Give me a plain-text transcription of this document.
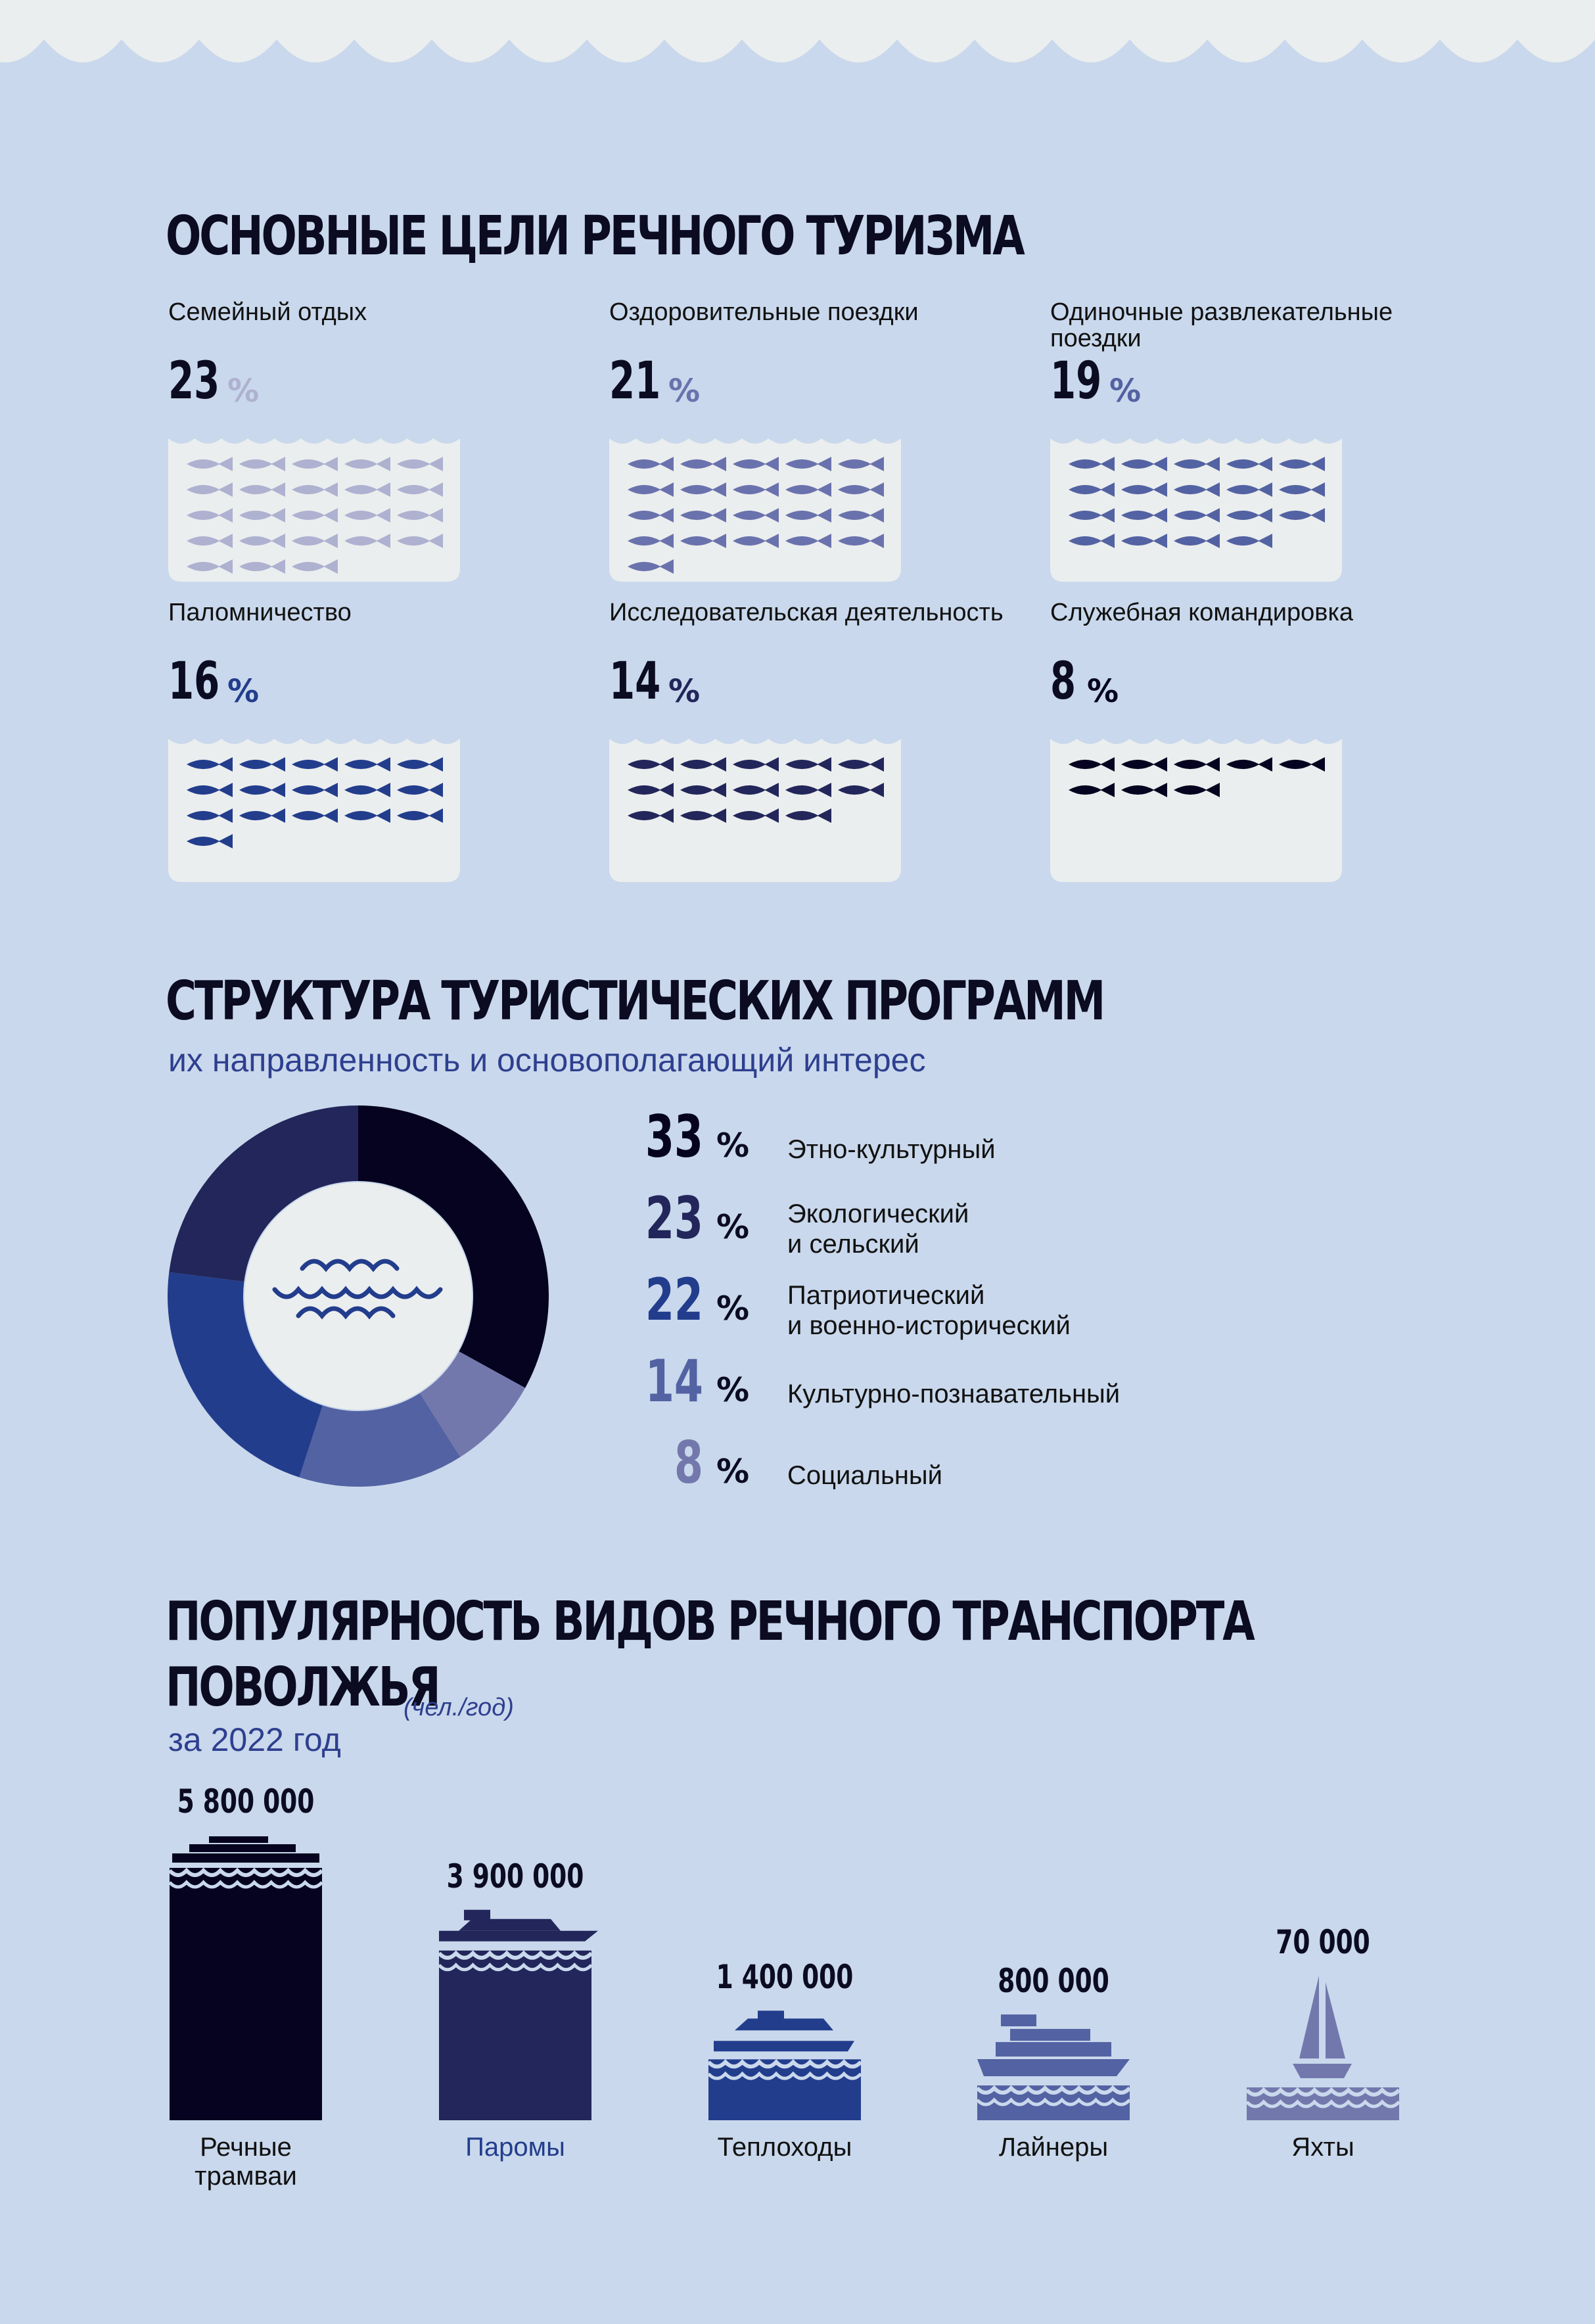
ОСНОВНЫЕ ЦЕЛИ РЕЧНОГО ТУРИЗМА
Семейный отдых
23 %
Оздоровительные поездки
21 %
Одиночные развлекательные поездки
19 %
Паломничество
16 %
Исследовательская деятельность
14 %
Служебная командировка
8 %
СТРУКТУРА ТУРИСТИЧЕСКИХ ПРОГРАММ
их направленность и основополагающий интерес
33 % Этно-культурный
23 % Экологический
и сельский
22 % Патриотический
и военно-исторический
14 % Культурно-познавательный
8 % Социальный
ПОПУЛЯРНОСТЬ ВИДОВ РЕЧНОГО ТРАНСПОРТА
ПОВОЛЖЬЯ
(чел./год)
за 2022 год
5 800 000
Речные трамваи
3 900 000
Паромы
1 400 000
Теплоходы
800 000
Лайнеры
70 000
Яхты
